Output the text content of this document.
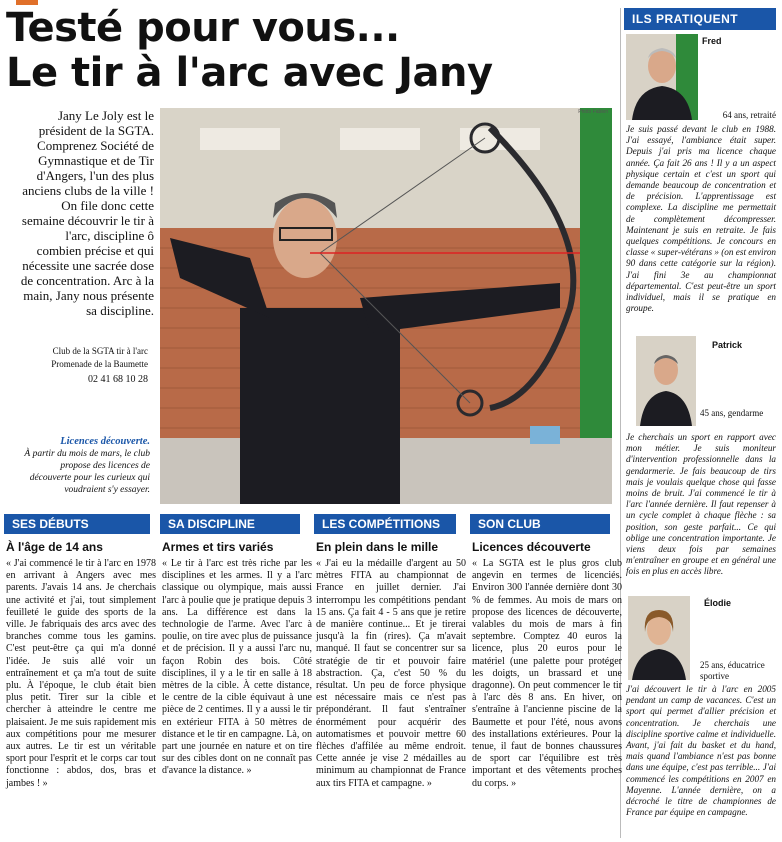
Testé pour vous...
Le tir à l'arc avec Jany

Jany Le Joly est le président de la SGTA. Comprenez Société de Gymnastique et de Tir d'Angers, l'un des plus anciens clubs de la ville ! On file donc cette semaine découvrir le tir à l'arc, discipline ô combien précise et qui nécessite une sacrée dose de concentration. Arc à la main, Jany nous présente sa discipline.

Club de la SGTA tir à l'arc
Promenade de la Baumette
02 41 68 10 28
Licences découverte.
À partir du mois de mars, le club propose des licences de découverte pour les curieux qui voudraient s'y essayer.
Photo Fabien
ILS PRATIQUENT
Fred
64 ans, retraité
Je suis passé devant le club en 1988. J'ai essayé, l'ambiance était super. Depuis j'ai pris ma licence chaque année. Ça fait 26 ans ! Il y a un aspect physique certain et c'est un sport qui demande beaucoup de concentration et de précision. L'apprentissage est complexe. La discipline me permettait de complètement décompresser. Maintenant je suis en retraite. Je fais quelques compétitions. Je concours en classe « super-vétérans » (on est environ 90 dans cette catégorie sur la région). J'ai fini 3e au championnat départemental. C'est peut-être un sport individuel, mais il se pratique en groupe.
Patrick
45 ans, gendarme
Je cherchais un sport en rapport avec mon métier. Je suis moniteur d'intervention professionnelle dans la gendarmerie. Je fais beaucoup de tirs mais je voulais quelque chose qui fasse moins de bruit. J'ai commencé le tir à l'arc l'année dernière. Il faut repenser à un cycle complet à chaque flèche : sa position, son geste parfait... Ce qui oblige une concentration importante. Je viens deux fois par semaines m'entraîner en groupe et en général une fois en plus en accès libre.
Élodie
25 ans, éducatrice sportive
J'ai découvert le tir à l'arc en 2005 pendant un camp de vacances. C'est un sport qui permet d'allier précision et concentration. Je cherchais une discipline sportive calme et individuelle. Avant, j'ai fait du basket et du hand, mais quand l'ambiance n'est pas bonne dans une équipe, c'est pas terrible... J'ai commencé les compétitions en 2007 en Mayenne. L'année dernière, on a décroché le titre de championnes de France par équipe en campagne.
SES DÉBUTS	SA DISCIPLINE	LES COMPÉTITIONS	SON CLUB
À l'âge de 14 ans	Armes et tirs variés	En plein dans le mille	Licences découverte

« J'ai commencé le tir à l'arc en 1978 en arrivant à Angers avec mes parents. J'avais 14 ans. Je cherchais une activité et j'ai, tout simplement feuilleté le guide des sports de la ville. Je fabriquais des arcs avec des branches comme tous les gamins. C'est peut-être ça qui m'a donné l'idée. Je suis allé voir un entraînement et ça m'a tout de suite plu. À l'époque, le club était bien plus petit. Tirer sur la cible et chercher à atteindre le centre me plaisaient. Je me suis rapidement mis aux compétitions pour me mesurer aux autres. Le tir est un véritable sport pour l'esprit et le corps car tout fonctionne : abdos, dos, bras et jambes ! »

« Le tir à l'arc est très riche par les disciplines et les armes. Il y a l'arc classique ou olympique, mais aussi l'arc à poulie que je pratique depuis 3 ans. La différence est dans la technologie de l'arme. Avec l'arc à poulie, on tire avec plus de puissance et de précision. Il y a aussi l'arc nu, façon Robin des bois. Côté disciplines, il y a le tir en salle à 18 mètres de la cible. À cette distance, le centre de la cible équivaut à une pièce de 2 centimes. Il y a aussi le tir en extérieur FITA à 50 mètres de distance et le tir en campagne. Là, on part une journée en nature et on tire sur des cibles dont on ne connaît pas d'avance la distance. »

« J'ai eu la médaille d'argent au 50 mètres FITA au championnat de France en juillet dernier. J'ai interrompu les compétitions pendant 15 ans. Ça fait 4 - 5 ans que je retire de manière continue... Et je tirerai jusqu'à la fin (rires). Ça m'avait manqué. Il faut se concentrer sur sa stratégie de tir et pouvoir faire abstraction. Ça, c'est 50 % du résultat. Un peu de force physique est nécessaire mais ce n'est pas prépondérant. Il faut s'entraîner énormément pour acquérir des automatismes et pouvoir mettre 60 flèches d'affilée au même endroit. Cette année je vise 2 médailles au minimum au championnat de France aux tirs FITA et campagne. »

« La SGTA est le plus gros club angevin en termes de licenciés. Environ 300 l'année dernière dont 30 % de femmes. Au mois de mars on propose des licences de découverte, valables du mois de mars à fin septembre. Comptez 40 euros la licence, plus 20 euros pour le matériel (une palette pour protéger les doigts, un brassard et une dragonne). On peut commencer le tir à l'arc dès 8 ans. En hiver, on s'entraîne à l'ancienne piscine de la Baumette et pour l'été, nous avons des installations extérieures. Pour la tenue, il faut de bonnes chaussures de sport car l'équilibre est très important et des vêtements proches du corps. »
